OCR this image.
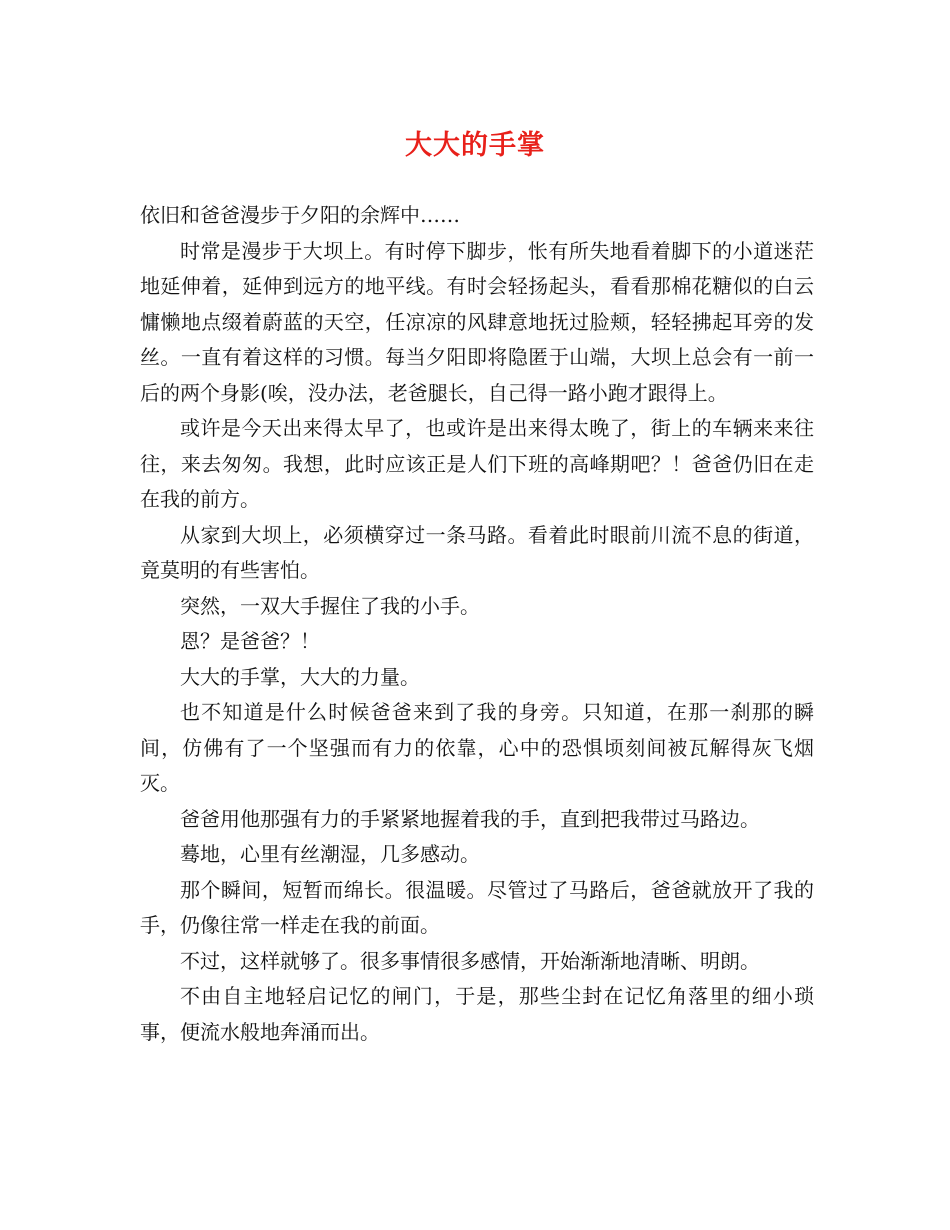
大大的手掌

依旧和爸爸漫步于夕阳的余辉中……

时常是漫步于大坝上。有时停下脚步，怅有所失地看着脚下的小道迷茫地延伸着，延伸到远方的地平线。有时会轻扬起头，看看那棉花糖似的白云慵懒地点缀着蔚蓝的天空，任凉凉的风肆意地抚过脸颊，轻轻拂起耳旁的发丝。一直有着这样的习惯。每当夕阳即将隐匿于山端，大坝上总会有一前一后的两个身影(唉，没办法，老爸腿长，自己得一路小跑才跟得上。

或许是今天出来得太早了，也或许是出来得太晚了，街上的车辆来来往往，来去匆匆。我想，此时应该正是人们下班的高峰期吧？！爸爸仍旧在走在我的前方。

从家到大坝上，必须横穿过一条马路。看着此时眼前川流不息的街道，竟莫明的有些害怕。

突然，一双大手握住了我的小手。

恩？是爸爸？！

大大的手掌，大大的力量。

也不知道是什么时候爸爸来到了我的身旁。只知道，在那一刹那的瞬间，仿佛有了一个坚强而有力的依靠，心中的恐惧顷刻间被瓦解得灰飞烟灭。

爸爸用他那强有力的手紧紧地握着我的手，直到把我带过马路边。

蓦地，心里有丝潮湿，几多感动。

那个瞬间，短暂而绵长。很温暖。尽管过了马路后，爸爸就放开了我的手，仍像往常一样走在我的前面。

不过，这样就够了。很多事情很多感情，开始渐渐地清晰、明朗。

不由自主地轻启记忆的闸门，于是，那些尘封在记忆角落里的细小琐事，便流水般地奔涌而出。
